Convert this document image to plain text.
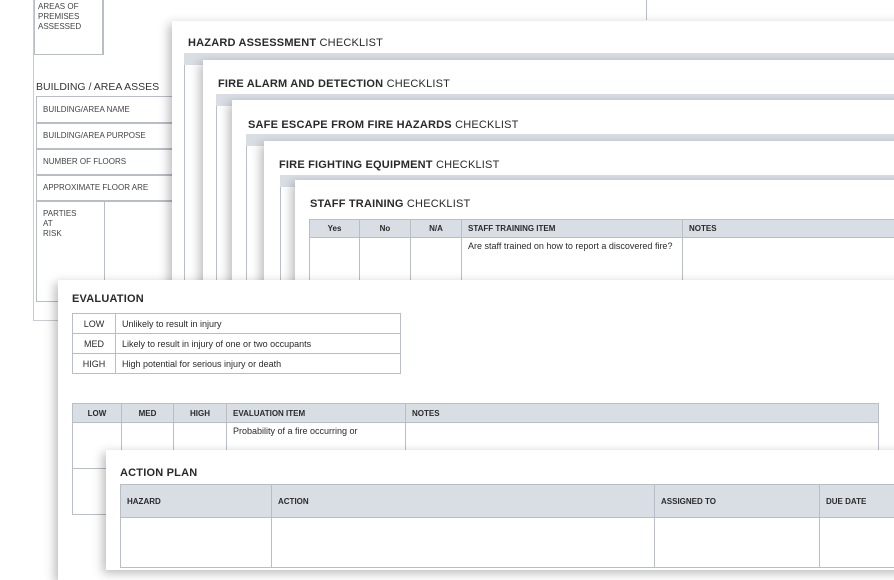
AREAS OF PREMISES ASSESSED
BUILDING / AREA ASSES
BUILDING/AREA NAME
BUILDING/AREA PURPOSE
NUMBER OF FLOORS
APPROXIMATE FLOOR ARE
PARTIES AT RISK
HAZARD ASSESSMENT CHECKLIST
FIRE ALARM AND DETECTION CHECKLIST
SAFE ESCAPE FROM FIRE HAZARDS CHECKLIST
FIRE FIGHTING EQUIPMENT CHECKLIST
STAFF TRAINING CHECKLIST
Yes	No	N/A	STAFF TRAINING ITEM	NOTES
			Are staff trained on how to report a discovered fire?	
EVALUATION
LOW	Unlikely to result in injury
MED	Likely to result in injury of one or two occupants
HIGH	High potential for serious injury or death
LOW	MED	HIGH	EVALUATION ITEM	NOTES
			Probability of a fire occurring or	

ACTION PLAN
HAZARD	ACTION	ASSIGNED TO	DUE DATE
